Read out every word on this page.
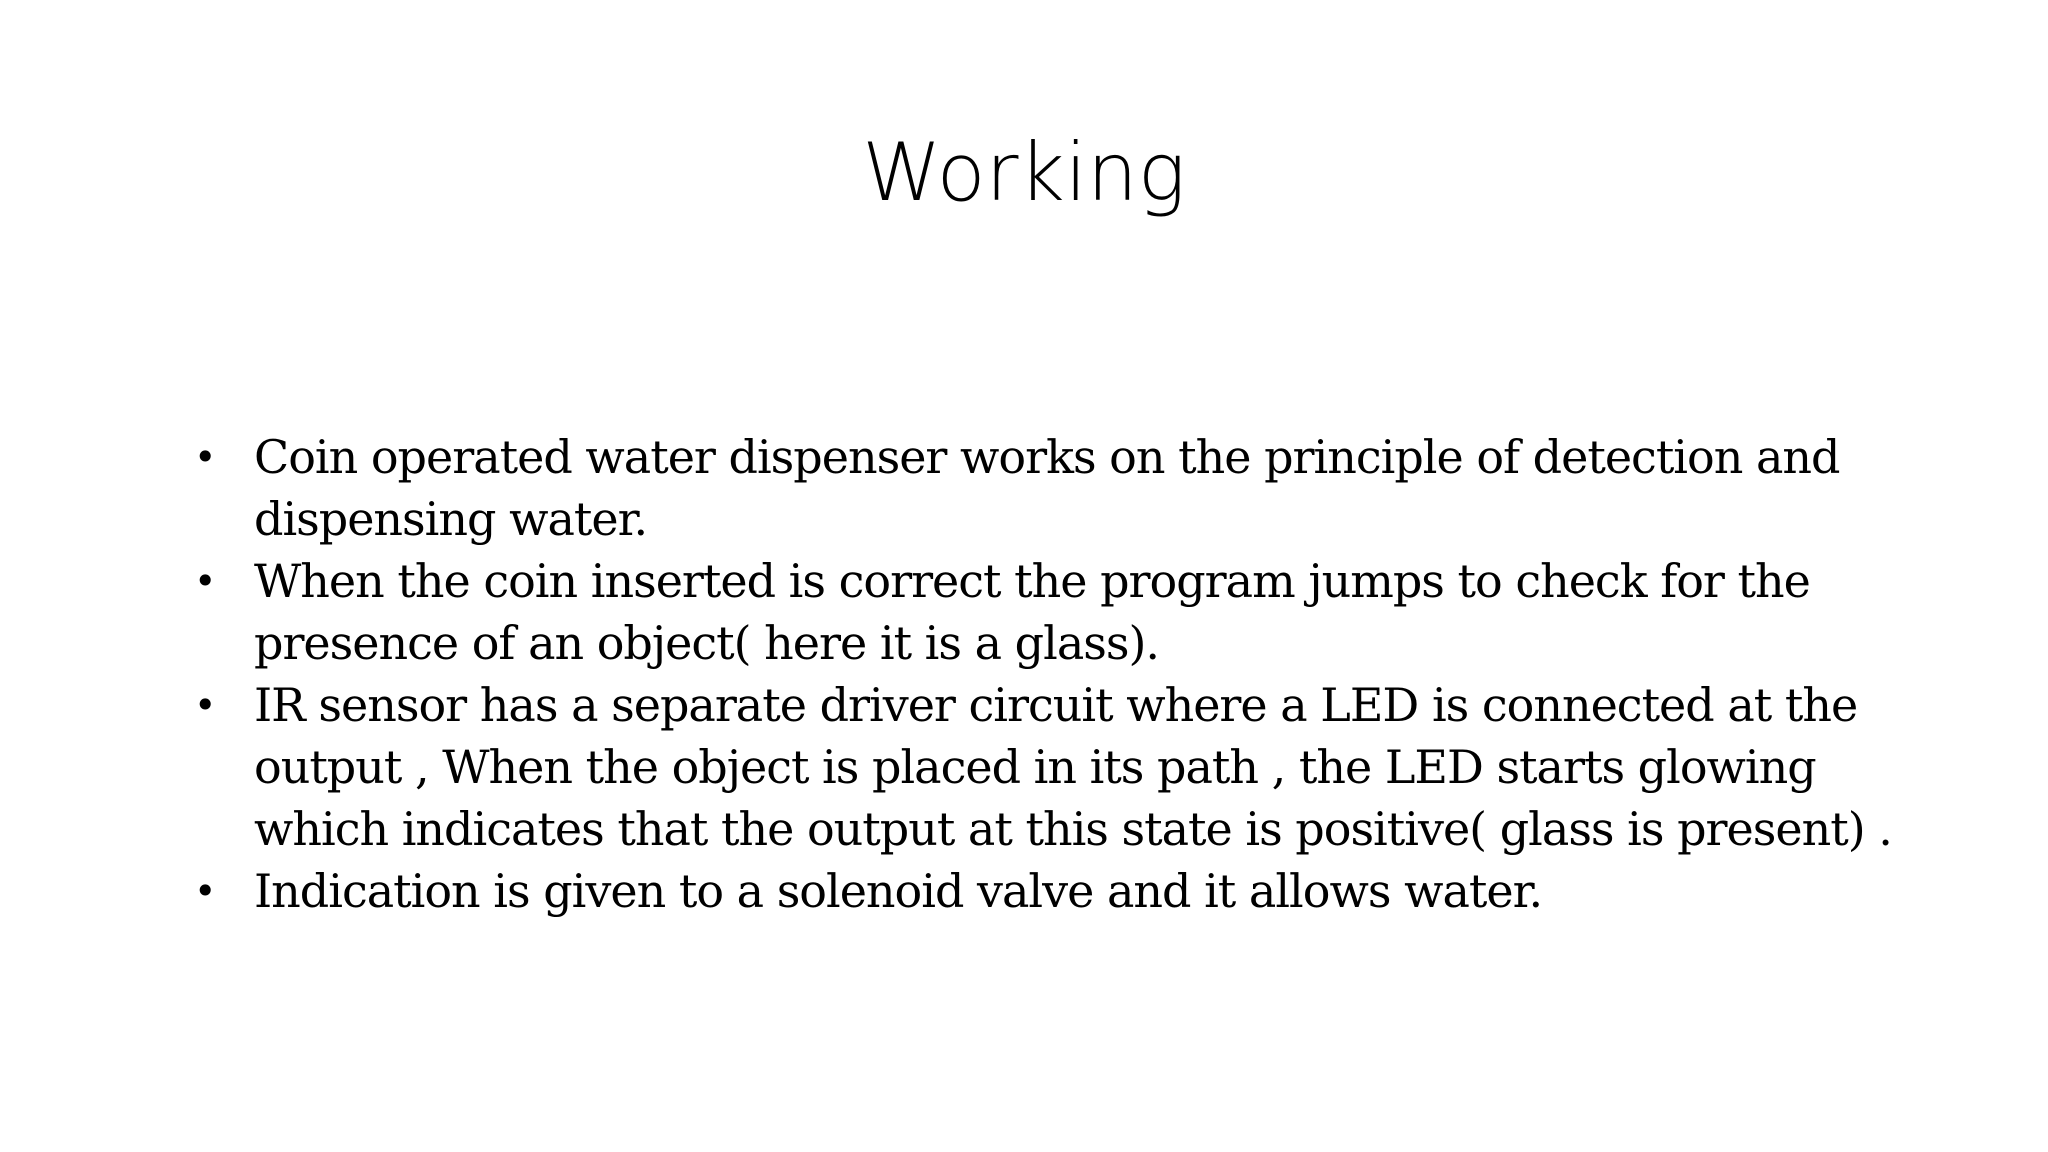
Working
• Coin operated water dispenser works on the principle of detection and dispensing water.
• When the coin inserted is correct the program jumps to check for the presence of an object( here it is a glass).
• IR sensor has a separate driver circuit where a LED is connected at the output , When the object is placed in its path , the LED starts glowing which indicates that the output at this state is positive( glass is present) .
• Indication is given to a solenoid valve and it allows water.
